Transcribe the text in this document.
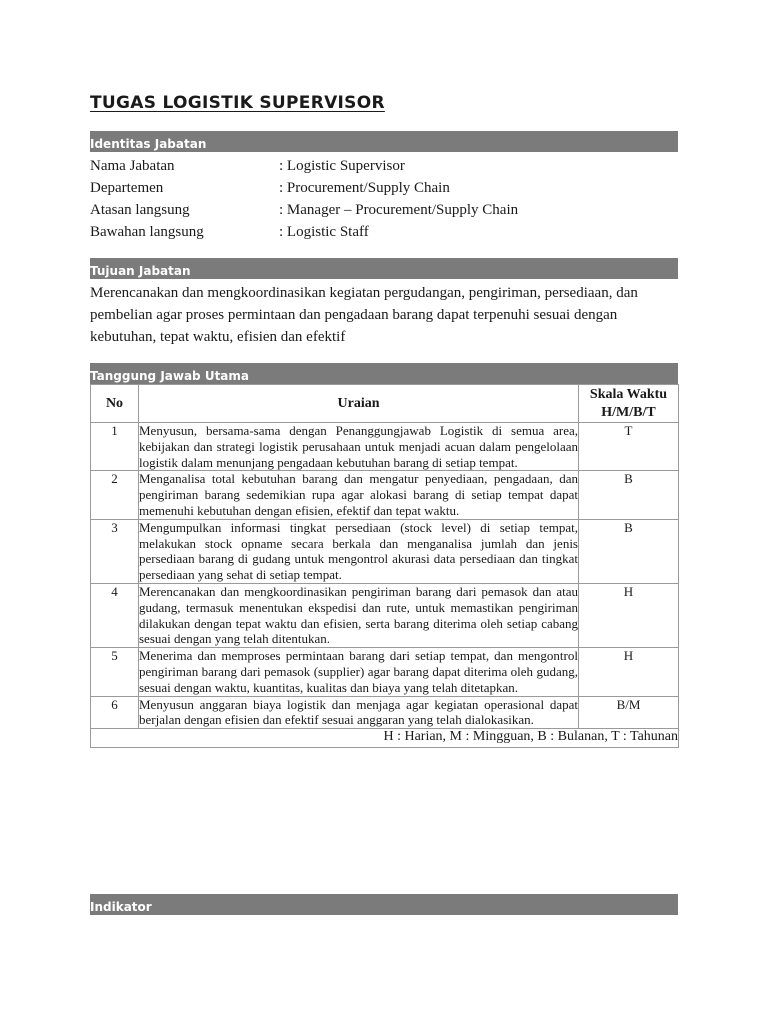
TUGAS LOGISTIK SUPERVISOR
Identitas Jabatan
Nama Jabatan	: Logistic Supervisor
Departemen	: Procurement/Supply Chain
Atasan langsung	: Manager – Procurement/Supply Chain
Bawahan langsung	: Logistic Staff
Tujuan Jabatan
Merencanakan dan mengkoordinasikan kegiatan pergudangan, pengiriman, persediaan, dan pembelian agar proses permintaan dan pengadaan barang dapat terpenuhi sesuai dengan kebutuhan, tepat waktu, efisien dan efektif
Tanggung Jawab Utama
No	Uraian	Skala Waktu
H/M/B/T
1	Menyusun, bersama-sama dengan Penanggungjawab Logistik di semua area, kebijakan dan strategi logistik perusahaan untuk menjadi acuan dalam pengelolaan logistik dalam menunjang pengadaan kebutuhan barang di setiap tempat.	T
2	Menganalisa total kebutuhan barang dan mengatur penyediaan, pengadaan, dan pengiriman barang sedemikian rupa agar alokasi barang di setiap tempat dapat memenuhi kebutuhan dengan efisien, efektif dan tepat waktu.	B
3	Mengumpulkan informasi tingkat persediaan (stock level) di setiap tempat, melakukan stock opname secara berkala dan menganalisa jumlah dan jenis persediaan barang di gudang untuk mengontrol akurasi data persediaan dan tingkat persediaan yang sehat di setiap tempat.	B
4	Merencanakan dan mengkoordinasikan pengiriman barang dari pemasok dan atau gudang, termasuk menentukan ekspedisi dan rute, untuk memastikan pengiriman dilakukan dengan tepat waktu dan efisien, serta barang diterima oleh setiap cabang sesuai dengan yang telah ditentukan.	H
5	Menerima dan memproses permintaan barang dari setiap tempat, dan mengontrol pengiriman barang dari pemasok (supplier) agar barang dapat diterima oleh gudang, sesuai dengan waktu, kuantitas, kualitas dan biaya yang telah ditetapkan.	H
6	Menyusun anggaran biaya logistik dan menjaga agar kegiatan operasional dapat berjalan dengan efisien dan efektif sesuai anggaran yang telah dialokasikan.	B/M
H : Harian, M : Mingguan, B : Bulanan, T : Tahunan		
Indikator
